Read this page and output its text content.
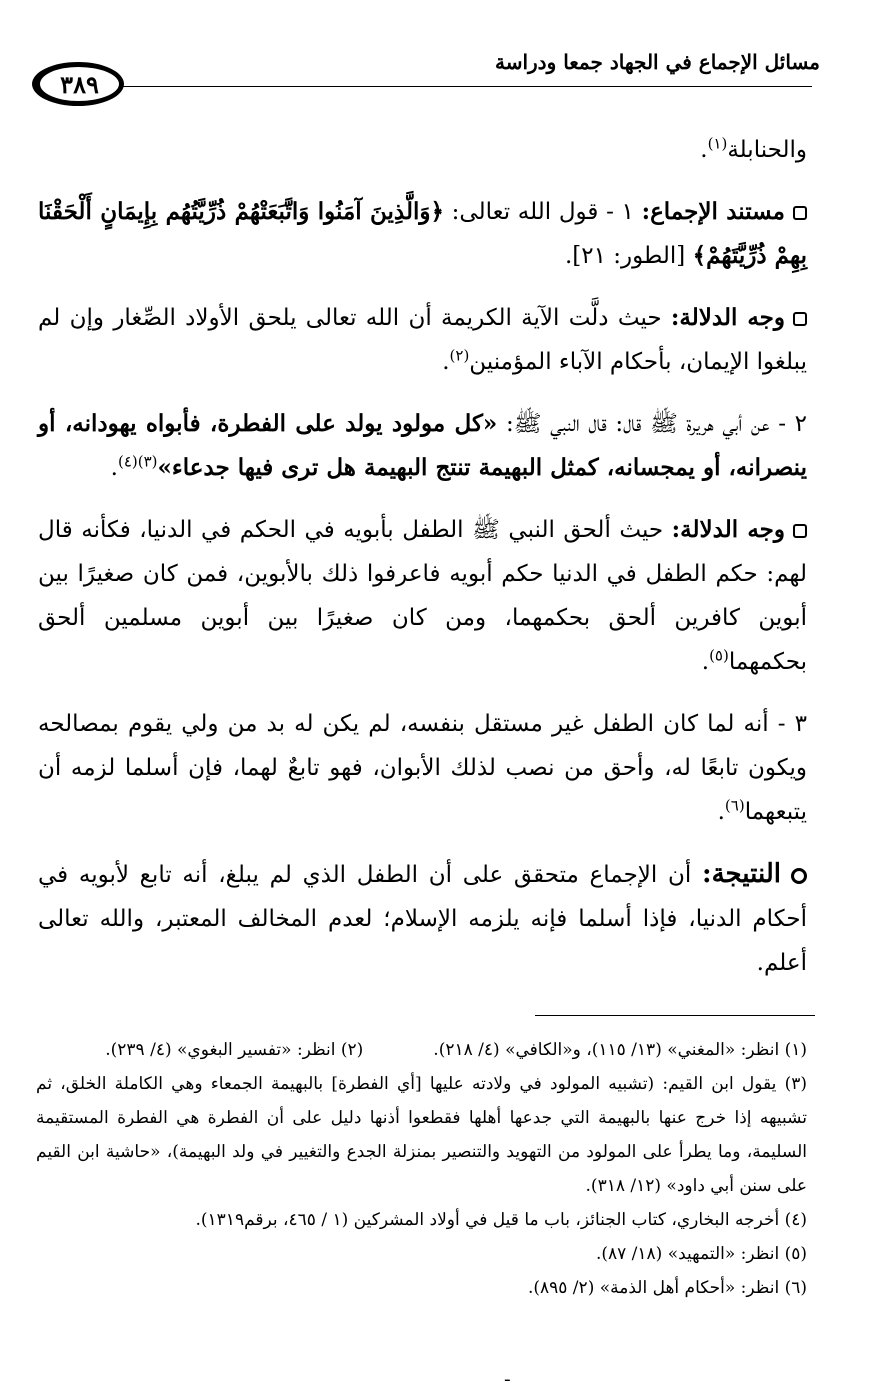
٣٨٩
مسائل الإجماع في الجهاد جمعا ودراسة

والحنابلة$^{(١)}$.

مستند الإجماع: ١ - قول الله تعالى: ﴿وَالَّذِينَ آمَنُوا وَاتَّبَعَتْهُمْ ذُرِّيَّتُهُم بِإِيمَانٍ أَلْحَقْنَا بِهِمْ ذُرِّيَّتَهُمْ﴾ [الطور: ٢١].

وجه الدلالة: حيث دلَّت الآية الكريمة أن الله تعالى يلحق الأولاد الصِّغار وإن لم يبلغوا الإيمان، بأحكام الآباء المؤمنين$^{(٢)}$.

٢ - عن أبي هريرة ﷺ قال: قال النبي ﷺ: «كل مولود يولد على الفطرة، فأبواه يهودانه، أو ينصرانه، أو يمجسانه، كمثل البهيمة تنتج البهيمة هل ترى فيها جدعاء»$^{(٣)(٤)}$.

وجه الدلالة: حيث ألحق النبي ﷺ الطفل بأبويه في الحكم في الدنيا، فكأنه قال لهم: حكم الطفل في الدنيا حكم أبويه فاعرفوا ذلك بالأبوين، فمن كان صغيرًا بين أبوين كافرين ألحق بحكمهما، ومن كان صغيرًا بين أبوين مسلمين ألحق بحكمهما$^{(٥)}$.

٣ - أنه لما كان الطفل غير مستقل بنفسه، لم يكن له بد من ولي يقوم بمصالحه ويكون تابعًا له، وأحق من نصب لذلك الأبوان، فهو تابعٌ لهما، فإن أسلما لزمه أن يتبعهما$^{(٦)}$.

النتيجة: أن الإجماع متحقق على أن الطفل الذي لم يبلغ، أنه تابع لأبويه في أحكام الدنيا، فإذا أسلما فإنه يلزمه الإسلام؛ لعدم المخالف المعتبر، والله تعالى أعلم.

(١) انظر: «المغني» (١٣/ ١١٥)، و«الكافي» (٤/ ٢١٨).

(٢) انظر: «تفسير البغوي» (٤/ ٢٣٩).

(٣) يقول ابن القيم: (تشبيه المولود في ولادته عليها [أي الفطرة] بالبهيمة الجمعاء وهي الكاملة الخلق، ثم تشبيهه إذا خرج عنها بالبهيمة التي جدعها أهلها فقطعوا أذنها دليل على أن الفطرة هي الفطرة المستقيمة السليمة، وما يطرأ على المولود من التهويد والتنصير بمنزلة الجدع والتغيير في ولد البهيمة)، «حاشية ابن القيم على سنن أبي داود» (١٢/ ٣١٨).

(٤) أخرجه البخاري، كتاب الجنائز، باب ما قيل في أولاد المشركين (١ / ٤٦٥، برقم١٣١٩).

(٥) انظر: «التمهيد» (١٨/ ٨٧).

(٦) انظر: «أحكام أهل الذمة» (٢/ ٨٩٥).

ـ
